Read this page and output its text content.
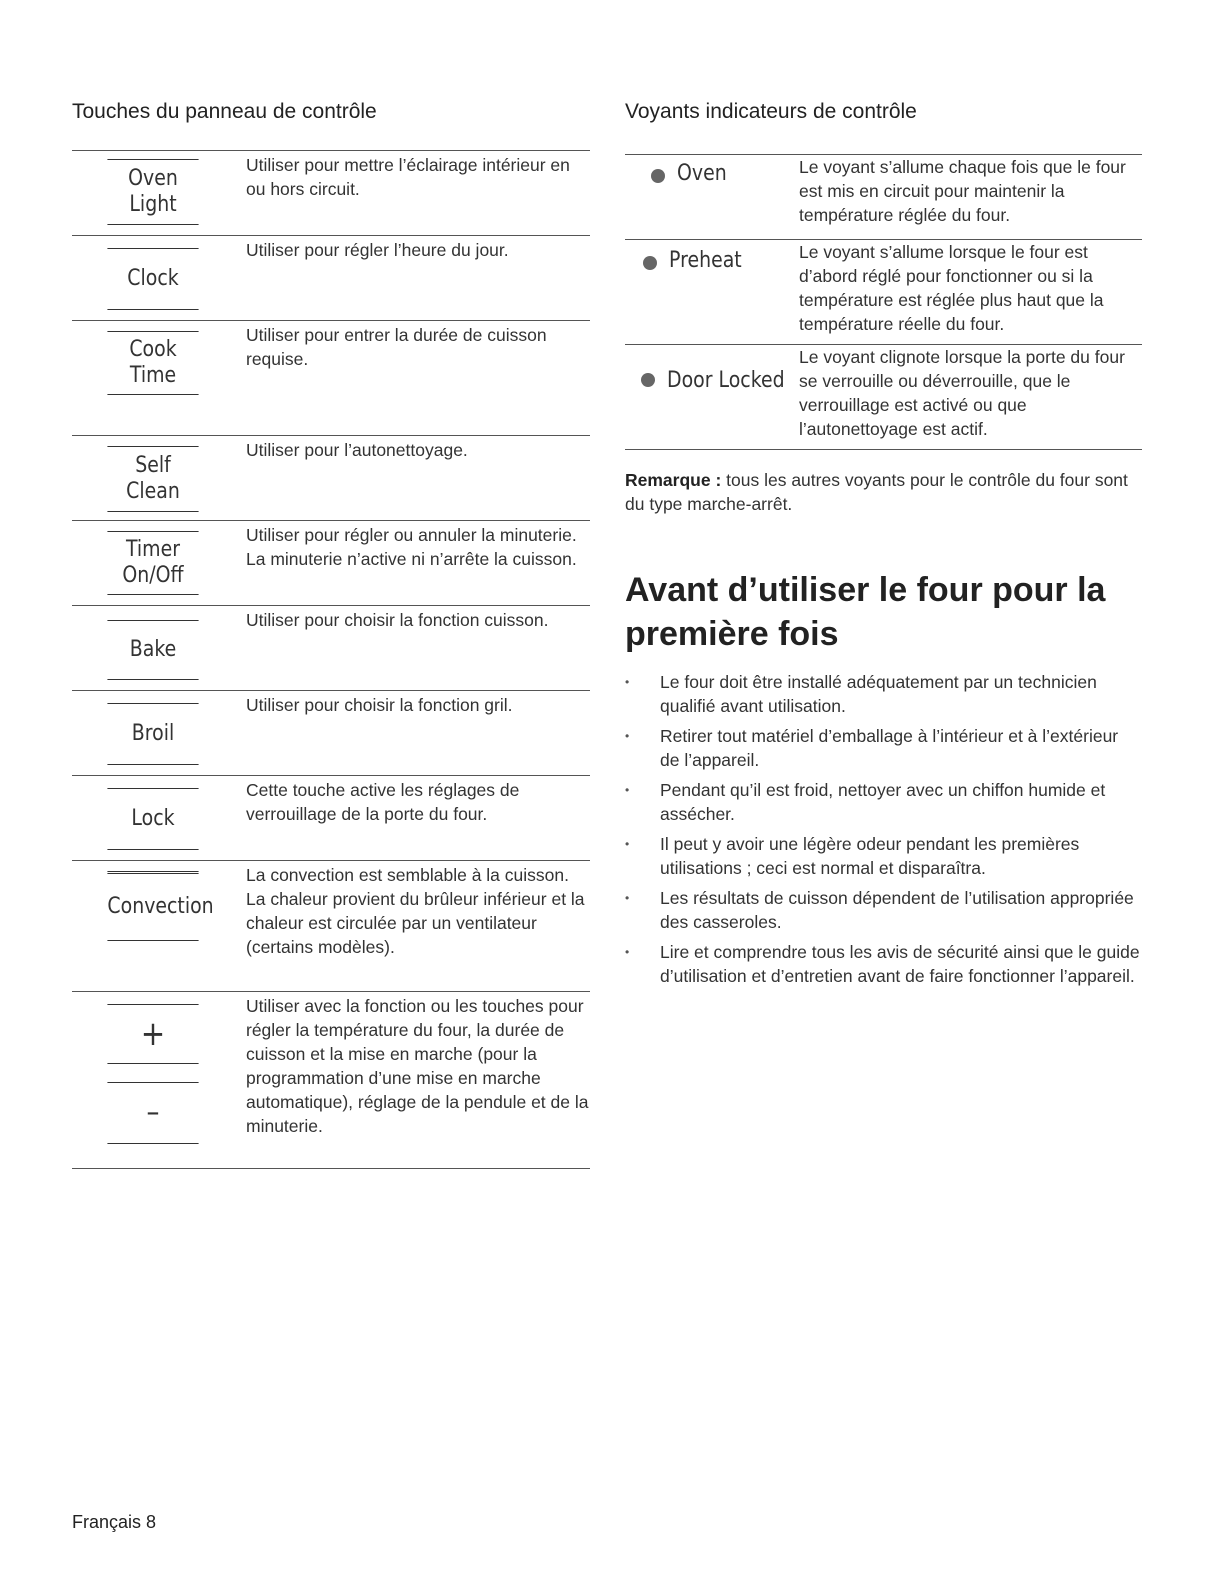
Touches du panneau de contrôle
Oven
Light
Utiliser pour mettre l’éclairage intérieur en ou hors circuit.
Clock
Utiliser pour régler l’heure du jour.
Cook
Time
Utiliser pour entrer la durée de cuisson requise.
Self
Clean
Utiliser pour l’autonettoyage.
Timer
On/Off
Utiliser pour régler ou annuler la minuterie. La minuterie n’active ni n’arrête la cuisson.
Bake
Utiliser pour choisir la fonction cuisson.
Broil
Utiliser pour choisir la fonction gril.
Lock
Cette touche active les réglages de verrouillage de la porte du four.
Convection
La convection est semblable à la cuisson. La chaleur provient du brûleur inférieur et la chaleur est circulée par un ventilateur (certains modèles).
+
–
Utiliser avec la fonction ou les touches pour régler la température du four, la durée de cuisson et la mise en marche (pour la programmation d’une mise en marche automatique), réglage de la pendule et de la minuterie.
Voyants indicateurs de contrôle
Oven	Le voyant s’allume chaque fois que le four est mis en circuit pour maintenir la température réglée du four.
Preheat	Le voyant s’allume lorsque le four est d’abord réglé pour fonctionner ou si la température est réglée plus haut que la température réelle du four.
Door Locked
Le voyant clignote lorsque la porte du four se verrouille ou déverrouille, que le verrouillage est activé ou que l’autonettoyage est actif.
Remarque : tous les autres voyants pour le contrôle du four sont du type marche-arrêt.
Avant d’utiliser le four pour la première fois
• Le four doit être installé adéquatement par un technicien qualifié avant utilisation.
• Retirer tout matériel d’emballage à l’intérieur et à l’extérieur de l’appareil.
• Pendant qu’il est froid, nettoyer avec un chiffon humide et assécher.
• Il peut y avoir une légère odeur pendant les premières utilisations ; ceci est normal et disparaîtra.
• Les résultats de cuisson dépendent de l’utilisation appropriée des casseroles.
• Lire et comprendre tous les avis de sécurité ainsi que le guide d’utilisation et d’entretien avant de faire fonctionner l’appareil.
Français 8
